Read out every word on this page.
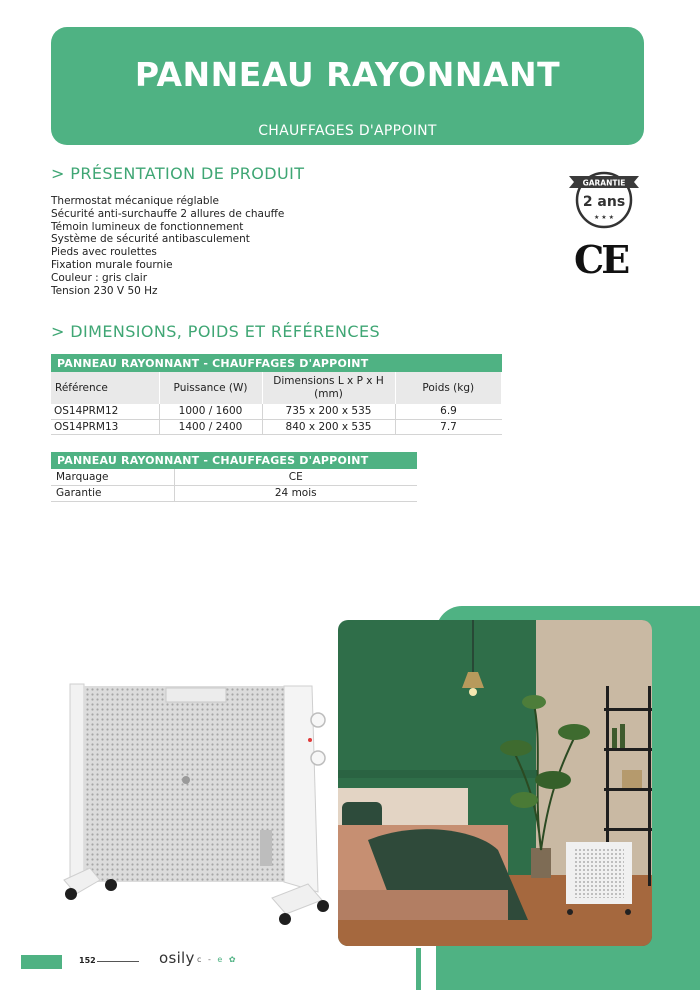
PANNEAU RAYONNANT
CHAUFFAGES D'APPOINT
> PRÉSENTATION DE PRODUIT
Thermostat mécanique réglable
Sécurité anti-surchauffe 2 allures de chauffe
Témoin lumineux de fonctionnement
Système de sécurité antibasculement
Pieds avec roulettes
Fixation murale fournie
Couleur : gris clair
Tension 230 V 50 Hz
GARANTIE
2 ans
★ ★ ★
CE
> DIMENSIONS, POIDS ET RÉFÉRENCES
PANNEAU RAYONNANT - CHAUFFAGES D'APPOINT			
Référence	Puissance (W)	Dimensions L x P x H (mm)	Poids (kg)
OS14PRM12	1000 / 1600	735 x 200 x 535	6.9
OS14PRM13	1400 / 2400	840 x 200 x 535	7.7
PANNEAU RAYONNANT - CHAUFFAGES D'APPOINT	
Marquage	CE
Garantie	24 mois
152	osily c - e ✿
